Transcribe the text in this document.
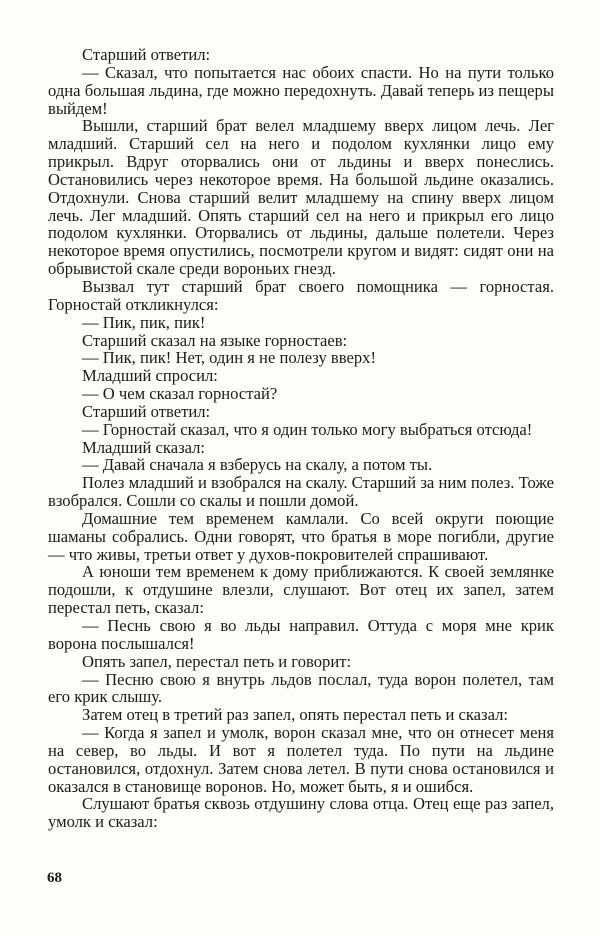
Старший ответил:

— Сказал, что попытается нас обоих спасти. Но на пути только одна большая льдина, где можно передохнуть. Давай теперь из пещеры выйдем!

Вышли, старший брат велел младшему вверх лицом лечь. Лег младший. Старший сел на него и подолом кухлянки лицо ему прикрыл. Вдруг оторвались они от льдины и вверх понеслись. Остановились через некоторое время. На большой льдине оказались. Отдохнули. Снова старший велит младшему на спину вверх лицом лечь. Лег младший. Опять старший сел на него и прикрыл его лицо подолом кухлянки. Оторвались от льдины, дальше полетели. Через некоторое время опустились, посмотрели кругом и видят: сидят они на обрывистой скале среди вороньих гнезд.

Вызвал тут старший брат своего помощника — горностая. Горностай откликнулся:

— Пик, пик, пик!

Старший сказал на языке горностаев:

— Пик, пик! Нет, один я не полезу вверх!

Младший спросил:

— О чем сказал горностай?

Старший ответил:

— Горностай сказал, что я один только могу выбраться отсюда!

Младший сказал:

— Давай сначала я взберусь на скалу, а потом ты.

Полез младший и взобрался на скалу. Старший за ним полез. Тоже взобрался. Сошли со скалы и пошли домой.

Домашние тем временем камлали. Со всей округи поющие шаманы собрались. Одни говорят, что братья в море погибли, другие — что живы, третьи ответ у духов-покровителей спрашивают.

А юноши тем временем к дому приближаются. К своей землянке подошли, к отдушине влезли, слушают. Вот отец их запел, затем перестал петь, сказал:

— Песнь свою я во льды направил. Оттуда с моря мне крик ворона послышался!

Опять запел, перестал петь и говорит:

— Песню свою я внутрь льдов послал, туда ворон полетел, там его крик слышу.

Затем отец в третий раз запел, опять перестал петь и сказал:

— Когда я запел и умолк, ворон сказал мне, что он отнесет меня на север, во льды. И вот я полетел туда. По пути на льдине остановился, отдохнул. Затем снова летел. В пути снова остановился и оказался в становище воронов. Но, может быть, я и ошибся.

Слушают братья сквозь отдушину слова отца. Отец еще раз запел, умолк и сказал:

68
